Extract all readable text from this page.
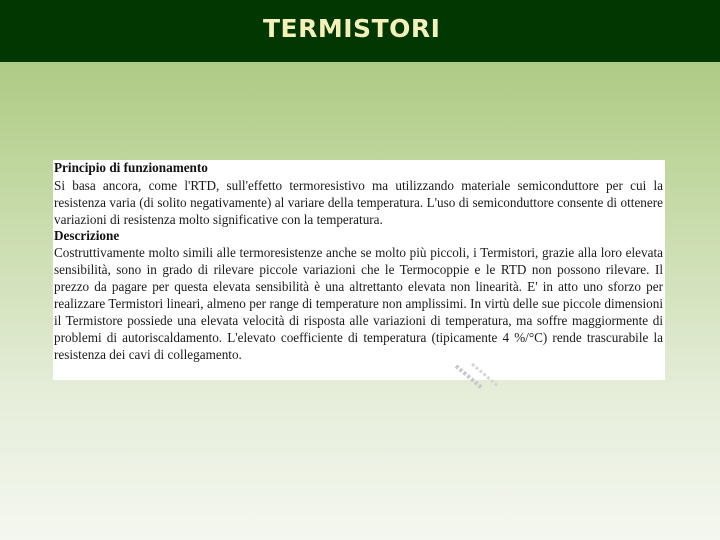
TERMISTORI

Principio di funzionamento

Si basa ancora, come l'RTD, sull'effetto termoresistivo ma utilizzando materiale semiconduttore per cui la resistenza varia (di solito negativamente) al variare della temperatura. L'uso di semiconduttore consente di ottenere variazioni di resistenza molto significative con la temperatura.

Descrizione

Costruttivamente molto simili alle termoresistenze anche se molto più piccoli, i Termistori, grazie alla loro elevata sensibilità, sono in grado di rilevare piccole variazioni che le Termocoppie e le RTD non possono rilevare. Il prezzo da pagare per questa elevata sensibilità è una altrettanto elevata non linearità. E' in atto uno sforzo per realizzare Termistori lineari, almeno per range di temperature non amplissimi. In virtù delle sue piccole dimensioni il Termistore possiede una elevata velocità di risposta alle variazioni di temperatura, ma soffre maggiormente di problemi di autoriscaldamento. L'elevato coefficiente di temperatura (tipicamente 4 %/°C) rende trascurabile la resistenza dei cavi di collegamento.
